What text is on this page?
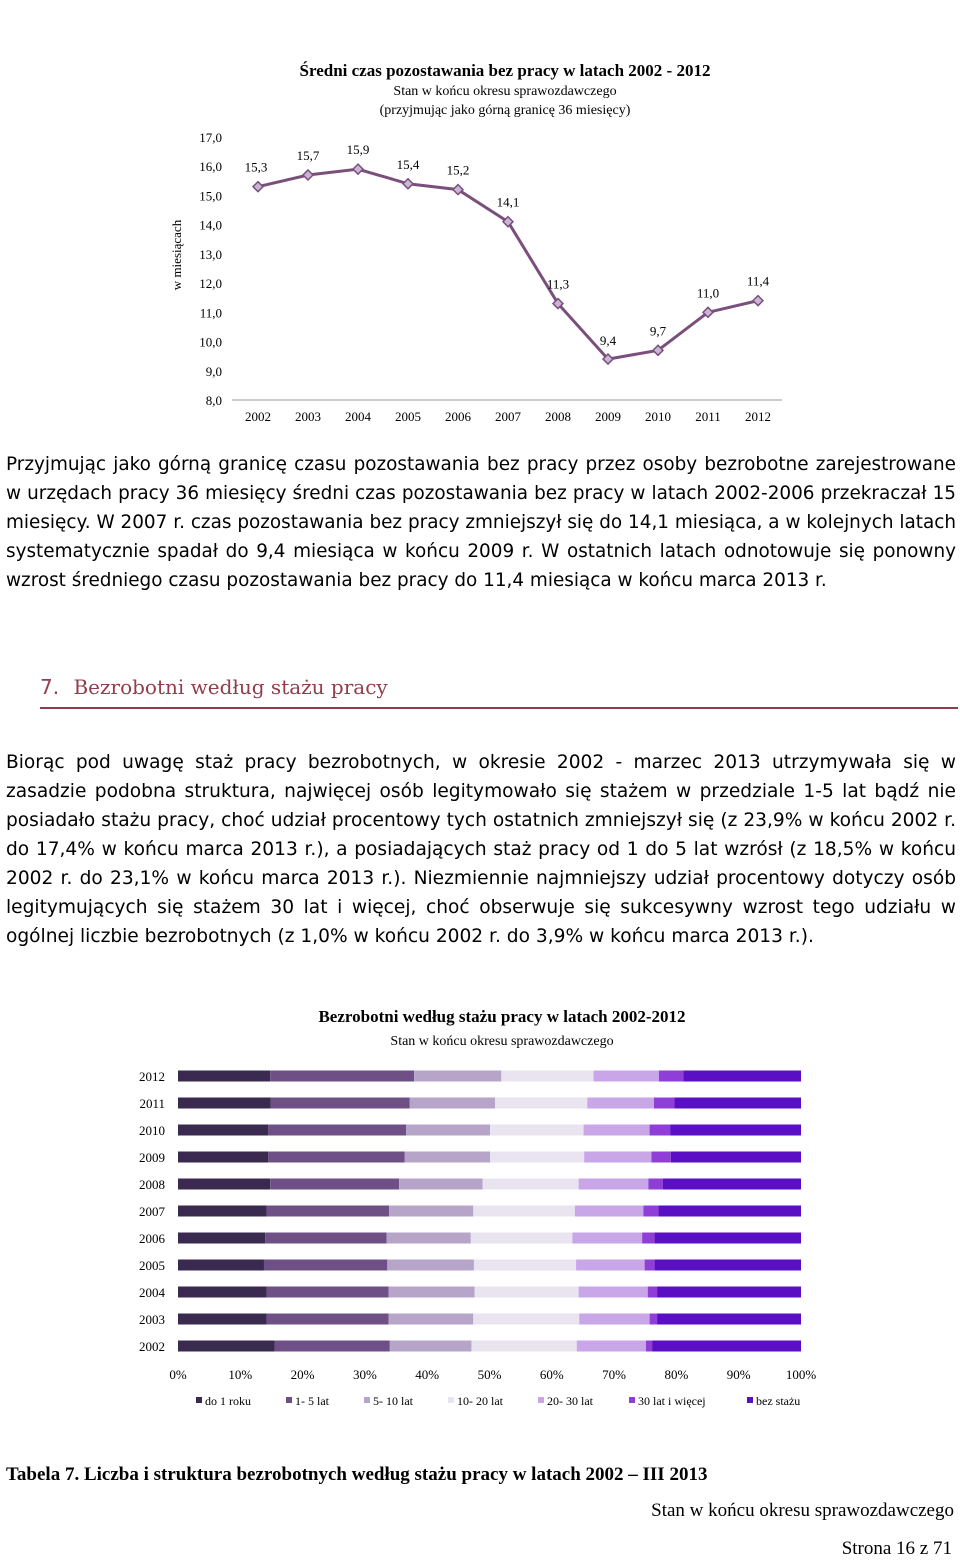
Średni czas pozostawania bez pracy w latach 2002 - 2012
Stan w końcu okresu sprawozdawczego
(przyjmując jako górną granicę 36 miesięcy)
w miesiącach
17,0
16,0
15,0
14,0
13,0
12,0
11,0
10,0
9,0
8,0
2002 2003 2004 2005 2006 2007 2008 2009 2010 2011 2012
15,3
15,7 15,9
15,4 15,2
14,1
11,3
9,4
9,7
11,0
11,4

Przyjmując jako górną granicę czasu pozostawania bez pracy przez osoby bezrobotne zarejestrowane w urzędach pracy 36 miesięcy średni czas pozostawania bez pracy w latach 2002-2006 przekraczał 15 miesięcy. W 2007 r. czas pozostawania bez pracy zmniejszył się do 14,1 miesiąca, a w kolejnych latach systematycznie spadał do 9,4 miesiąca w końcu 2009 r. W ostatnich latach odnotowuje się ponowny wzrost średniego czasu pozostawania bez pracy do 11,4 miesiąca w końcu marca 2013 r.

7. Bezrobotni według stażu pracy

Biorąc pod uwagę staż pracy bezrobotnych, w okresie 2002 - marzec 2013 utrzymywała się w zasadzie podobna struktura, najwięcej osób legitymowało się stażem w przedziale 1-5 lat bądź nie posiadało stażu pracy, choć udział procentowy tych ostatnich zmniejszył się (z 23,9% w końcu 2002 r. do 17,4% w końcu marca 2013 r.), a posiadających staż pracy od 1 do 5 lat wzrósł (z 18,5% w końcu 2002 r. do 23,1% w końcu marca 2013 r.). Niezmiennie najmniejszy udział procentowy dotyczy osób legitymujących się stażem 30 lat i więcej, choć obserwuje się sukcesywny wzrost tego udziału w ogólnej liczbie bezrobotnych (z 1,0% w końcu 2002 r. do 3,9% w końcu marca 2013 r.).

Bezrobotni według stażu pracy w latach 2002-2012
Stan w końcu okresu sprawozdawczego
2012
2011
2010
2009
2008
2007
2006
2005
2004
2003
2002
0%	10%	20%	30%	40%	50%	60%	70%	80%	90%	100%
do 1 roku	1- 5 lat	5- 10 lat	10- 20 lat	20- 30 lat	30 lat i więcej	bez stażu
Tabela 7. Liczba i struktura bezrobotnych według stażu pracy w latach 2002 – III 2013
Stan w końcu okresu sprawozdawczego
Strona 16 z 71
